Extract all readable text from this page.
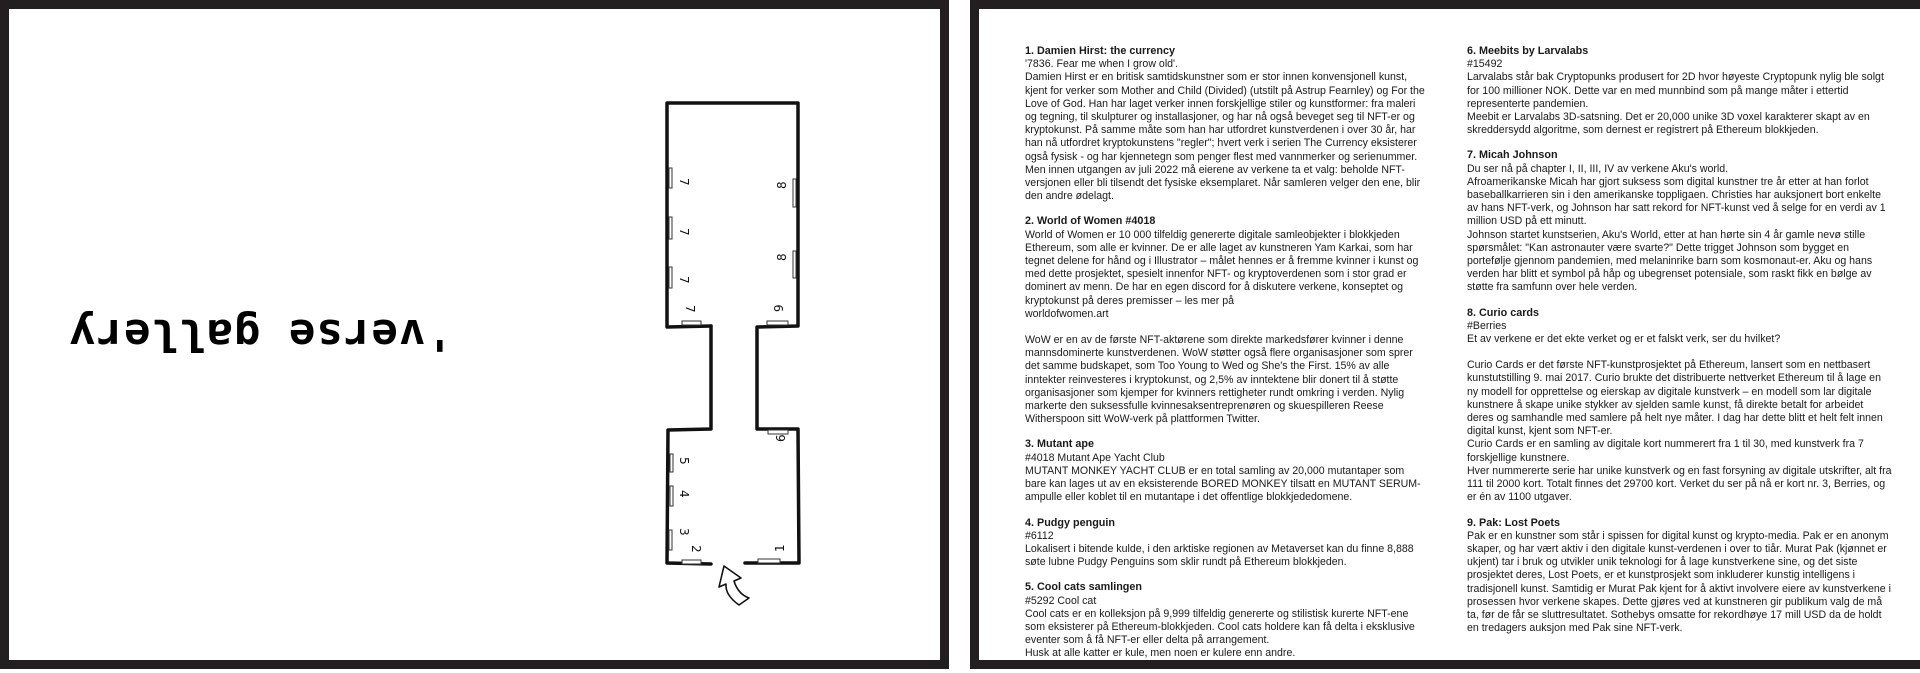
'verse gallery
7
7
7
8
8
7	9
5
4
3
2
6
1
1. Damien Hirst: the currency

'7836. Fear me when I grow old'.
Damien Hirst er en britisk samtidskunstner som er stor innen konvensjonell kunst, kjent for verker som Mother and Child (Divided) (utstilt på Astrup Fearnley) og For the Love of God. Han har laget verker innen forskjellige stiler og kunstformer: fra maleri og tegning, til skulpturer og installasjoner, og har nå også beveget seg til NFT-er og kryptokunst. På samme måte som han har utfordret kunstverdenen i over 30 år, har han nå utfordret kryptokunstens "regler"; hvert verk i serien The Currency eksisterer også fysisk - og har kjennetegn som penger flest med vannmerker og serienummer. Men innen utgangen av juli 2022 må eierene av verkene ta et valg: beholde NFT-versjonen eller bli tilsendt det fysiske eksemplaret. Når samleren velger den ene, blir den andre ødelagt.

2. World of Women #4018

World of Women er 10 000 tilfeldig genererte digitale samleobjekter i blokkjeden Ethereum, som alle er kvinner. De er alle laget av kunstneren Yam Karkai, som har tegnet delene for hånd og i Illustrator – målet hennes er å fremme kvinner i kunst og med dette prosjektet, spesielt innenfor NFT- og kryptoverdenen som i stor grad er dominert av menn. De har en egen discord for å diskutere verkene, konseptet og kryptokunst på deres premisser – les mer på
worldofwomen.art

WoW er en av de første NFT-aktørene som direkte markedsfører kvinner i denne mannsdominerte kunstverdenen. WoW støtter også flere organisasjoner som sprer det samme budskapet, som Too Young to Wed og She's the First. 15% av alle inntekter reinvesteres i kryptokunst, og 2,5% av inntektene blir donert til å støtte organisasjoner som kjemper for kvinners rettigheter rundt omkring i verden. Nylig markerte den suksessfulle kvinnesaksentreprenøren og skuespilleren Reese Witherspoon sitt WoW-verk på plattformen Twitter.

3. Mutant ape

#4018 Mutant Ape Yacht Club
MUTANT MONKEY YACHT CLUB er en total samling av 20,000 mutantaper som bare kan lages ut av en eksisterende BORED MONKEY tilsatt en MUTANT SERUM-ampulle eller koblet til en mutantape i det offentlige blokkjededomene.

4. Pudgy penguin

#6112
Lokalisert i bitende kulde, i den arktiske regionen av Metaverset kan du finne 8,888 søte lubne Pudgy Penguins som sklir rundt på Ethereum blokkjeden.

5. Cool cats samlingen

#5292 Cool cat
Cool cats er en kolleksjon på 9,999 tilfeldig genererte og stilistisk kurerte NFT-ene som eksisterer på Ethereum-blokkjeden. Cool cats holdere kan få delta i eksklusive eventer som å få NFT-er eller delta på arrangement.
Husk at alle katter er kule, men noen er kulere enn andre.

6. Meebits by Larvalabs

#15492
Larvalabs står bak Cryptopunks produsert for 2D hvor høyeste Cryptopunk nylig ble solgt for 100 millioner NOK. Dette var en med munnbind som på mange måter i ettertid representerte pandemien.
Meebit er Larvalabs 3D-satsning. Det er 20,000 unike 3D voxel karakterer skapt av en skreddersydd algoritme, som dernest er registrert på Ethereum blokkjeden.

7. Micah Johnson

Du ser nå på chapter I, II, III, IV av verkene Aku's world.
Afroamerikanske Micah har gjort suksess som digital kunstner tre år etter at han forlot baseballkarrieren sin i den amerikanske toppligaen. Christies har auksjonert bort enkelte av hans NFT-verk, og Johnson har satt rekord for NFT-kunst ved å selge for en verdi av 1 million USD på ett minutt.
Johnson startet kunstserien, Aku's World, etter at han hørte sin 4 år gamle nevø stille spørsmålet: "Kan astronauter være svarte?" Dette trigget Johnson som bygget en portefølje gjennom pandemien, med melaninrike barn som kosmonaut-er. Aku og hans verden har blitt et symbol på håp og ubegrenset potensiale, som raskt fikk en bølge av støtte fra samfunn over hele verden.

8. Curio cards

#Berries
Et av verkene er det ekte verket og er et falskt verk, ser du hvilket?

Curio Cards er det første NFT-kunstprosjektet på Ethereum, lansert som en nettbasert kunstutstilling 9. mai 2017. Curio brukte det distribuerte nettverket Ethereum til å lage en ny modell for opprettelse og eierskap av digitale kunstverk – en modell som lar digitale kunstnere å skape unike stykker av sjelden samle kunst, få direkte betalt for arbeidet deres og samhandle med samlere på helt nye måter. I dag har dette blitt et helt felt innen digital kunst, kjent som NFT-er.
Curio Cards er en samling av digitale kort nummerert fra 1 til 30, med kunstverk fra 7 forskjellige kunstnere.
Hver nummererte serie har unike kunstverk og en fast forsyning av digitale utskrifter, alt fra 111 til 2000 kort. Totalt finnes det 29700 kort. Verket du ser på nå er kort nr. 3, Berries, og er én av 1100 utgaver.

9. Pak: Lost Poets

Pak er en kunstner som står i spissen for digital kunst og krypto-media. Pak er en anonym skaper, og har vært aktiv i den digitale kunst-verdenen i over to tiår. Murat Pak (kjønnet er ukjent) tar i bruk og utvikler unik teknologi for å lage kunstverkene sine, og det siste prosjektet deres, Lost Poets, er et kunstprosjekt som inkluderer kunstig intelligens i tradisjonell kunst. Samtidig er Murat Pak kjent for å aktivt involvere eiere av kunstverkene i prosessen hvor verkene skapes. Dette gjøres ved at kunstneren gir publikum valg de må ta, før de får se sluttresultatet. Sothebys omsatte for rekordhøye 17 mill USD da de holdt en tredagers auksjon med Pak sine NFT-verk.
